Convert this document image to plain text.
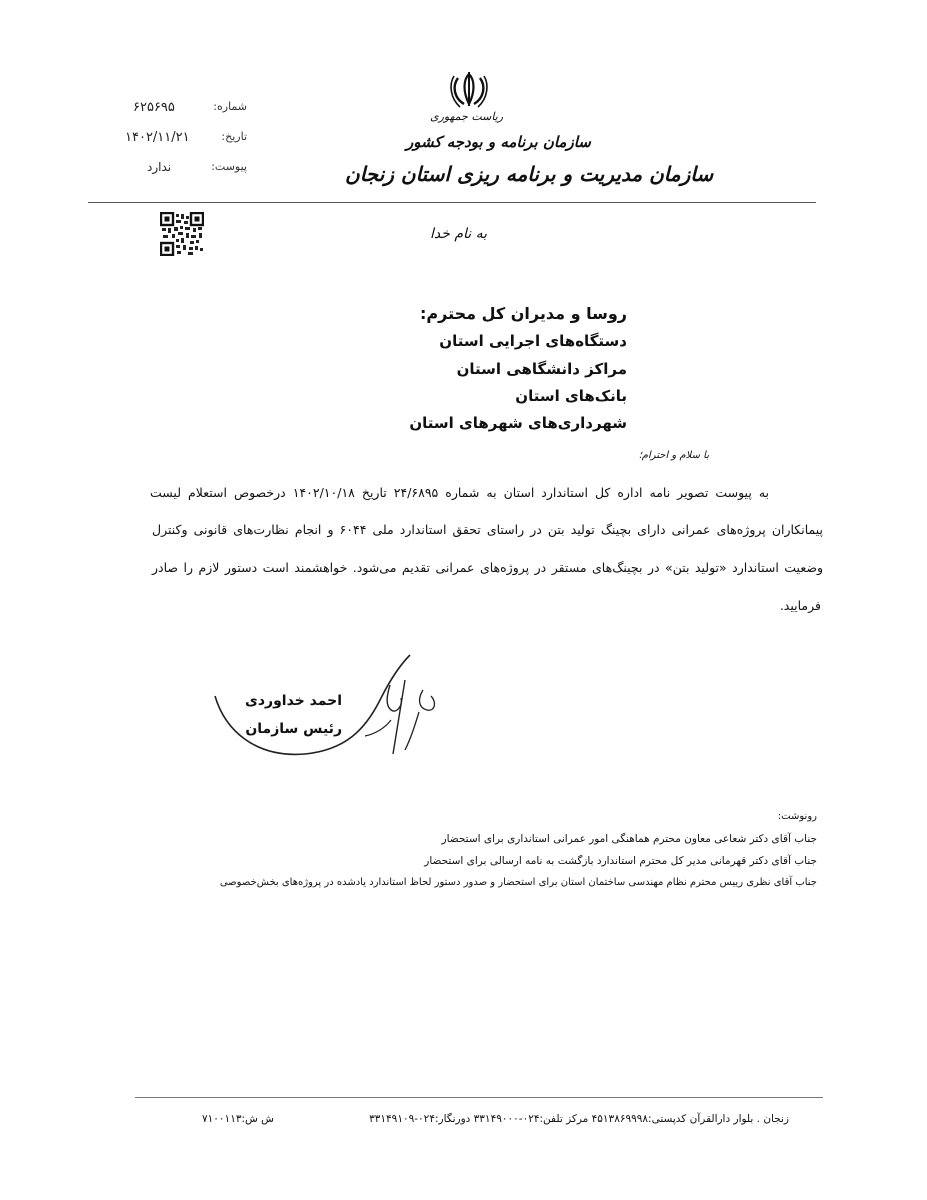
شماره:
۶۲۵۶۹۵
تاریخ:
۱۴۰۲/۱۱/۲۱
پیوست:
ندارد
ریاست جمهوری
سازمان برنامه و بودجه کشور
سازمان مدیریت و برنامه ریزی استان زنجان
به نام خدا
روسا و مدیران کل محترم:
دستگاه‌های اجرایی استان
مراکز دانشگاهی استان
بانک‌های استان
شهرداری‌های شهرهای استان
با سلام و احترام؛
به پیوست تصویر نامه اداره کل استاندارد استان به شماره ۲۴/۶۸۹۵ تاریخ ۱۴۰۲/۱۰/۱۸ درخصوص استعلام لیست
پیمانکاران پروژه‌های عمرانی دارای بچینگ تولید بتن در راستای تحقق استاندارد ملی ۶۰۴۴ و انجام نظارت‌های قانونی وکنترل
وضعیت استاندارد «تولید بتن» در بچینگ‌های مستقر در پروژه‌های عمرانی تقدیم می‌شود. خواهشمند است دستور لازم را صادر
فرمایید.
احمد خداوردی
رئیس سازمان
رونوشت:
جناب آقای دکتر شعاعی معاون محترم هماهنگی امور عمرانی استانداری برای استحضار
جناب آقای دکتر قهرمانی مدیر کل محترم استاندارد بازگشت به نامه ارسالی برای استحضار
جناب آقای نظری رییس محترم نظام مهندسی ساختمان استان برای استحضار و صدور دستور لحاظ استاندارد یادشده در پروژه‌های بخش‌خصوصی
زنجان . بلوار دارالقرآن کدپستی:۴۵۱۳۸۶۹۹۹۸ مرکز تلفن:۰۲۴-۳۳۱۴۹۰۰۰ دورنگار:۰۲۴-۳۳۱۴۹۱۰۹
ش ش:۷۱۰۰۱۱۳
